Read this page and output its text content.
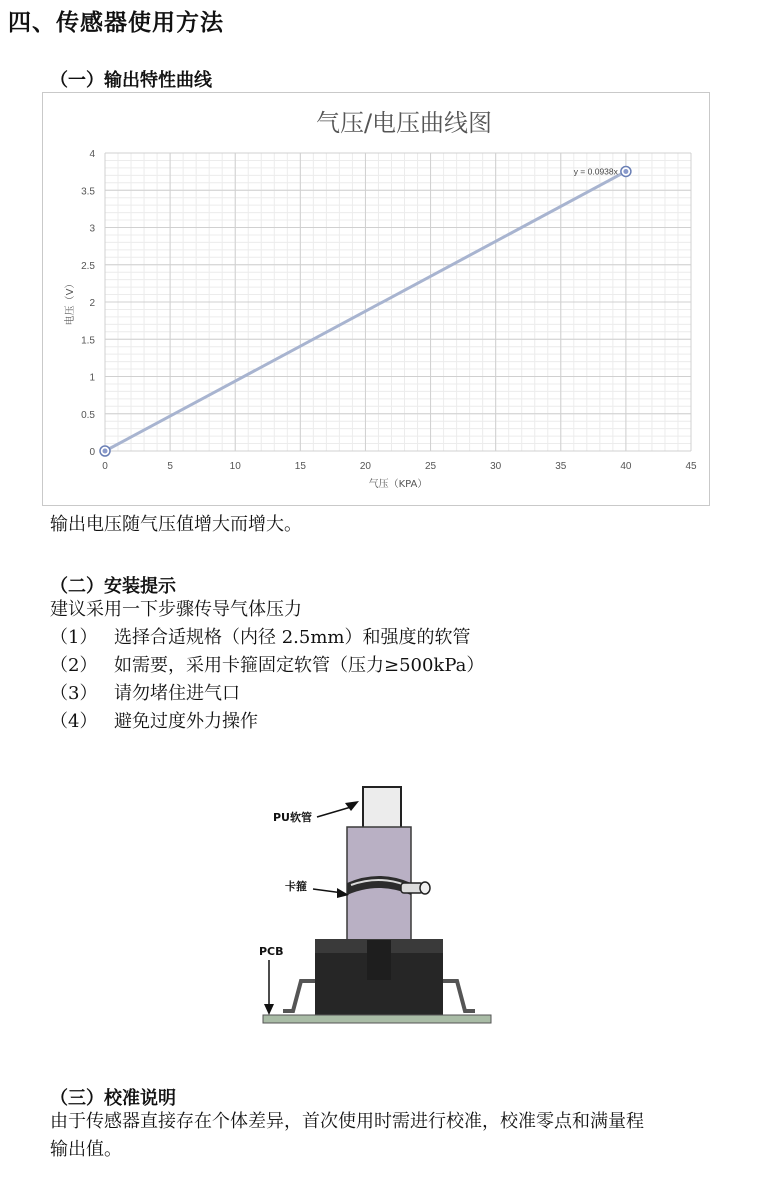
四、传感器使用方法
（一）输出特性曲线
0	5	10	15	20	25	30	35	40	45
0
0.5
1
1.5
2
2.5
3
3.5
4
气压/电压曲线图
气压（KPA）
电压（V）
y = 0.0938x
输出电压随气压值增大而增大。
（二）安装提示
建议采用一下步骤传导气体压力
（1） 选择合适规格（内径 2.5mm）和强度的软管
（2） 如需要，采用卡箍固定软管（压力≥500kPa）
（3） 请勿堵住进气口
（4） 避免过度外力操作
PU软管
卡箍
PCB
（三）校准说明
由于传感器直接存在个体差异，首次使用时需进行校准，校准零点和满量程
输出值。
